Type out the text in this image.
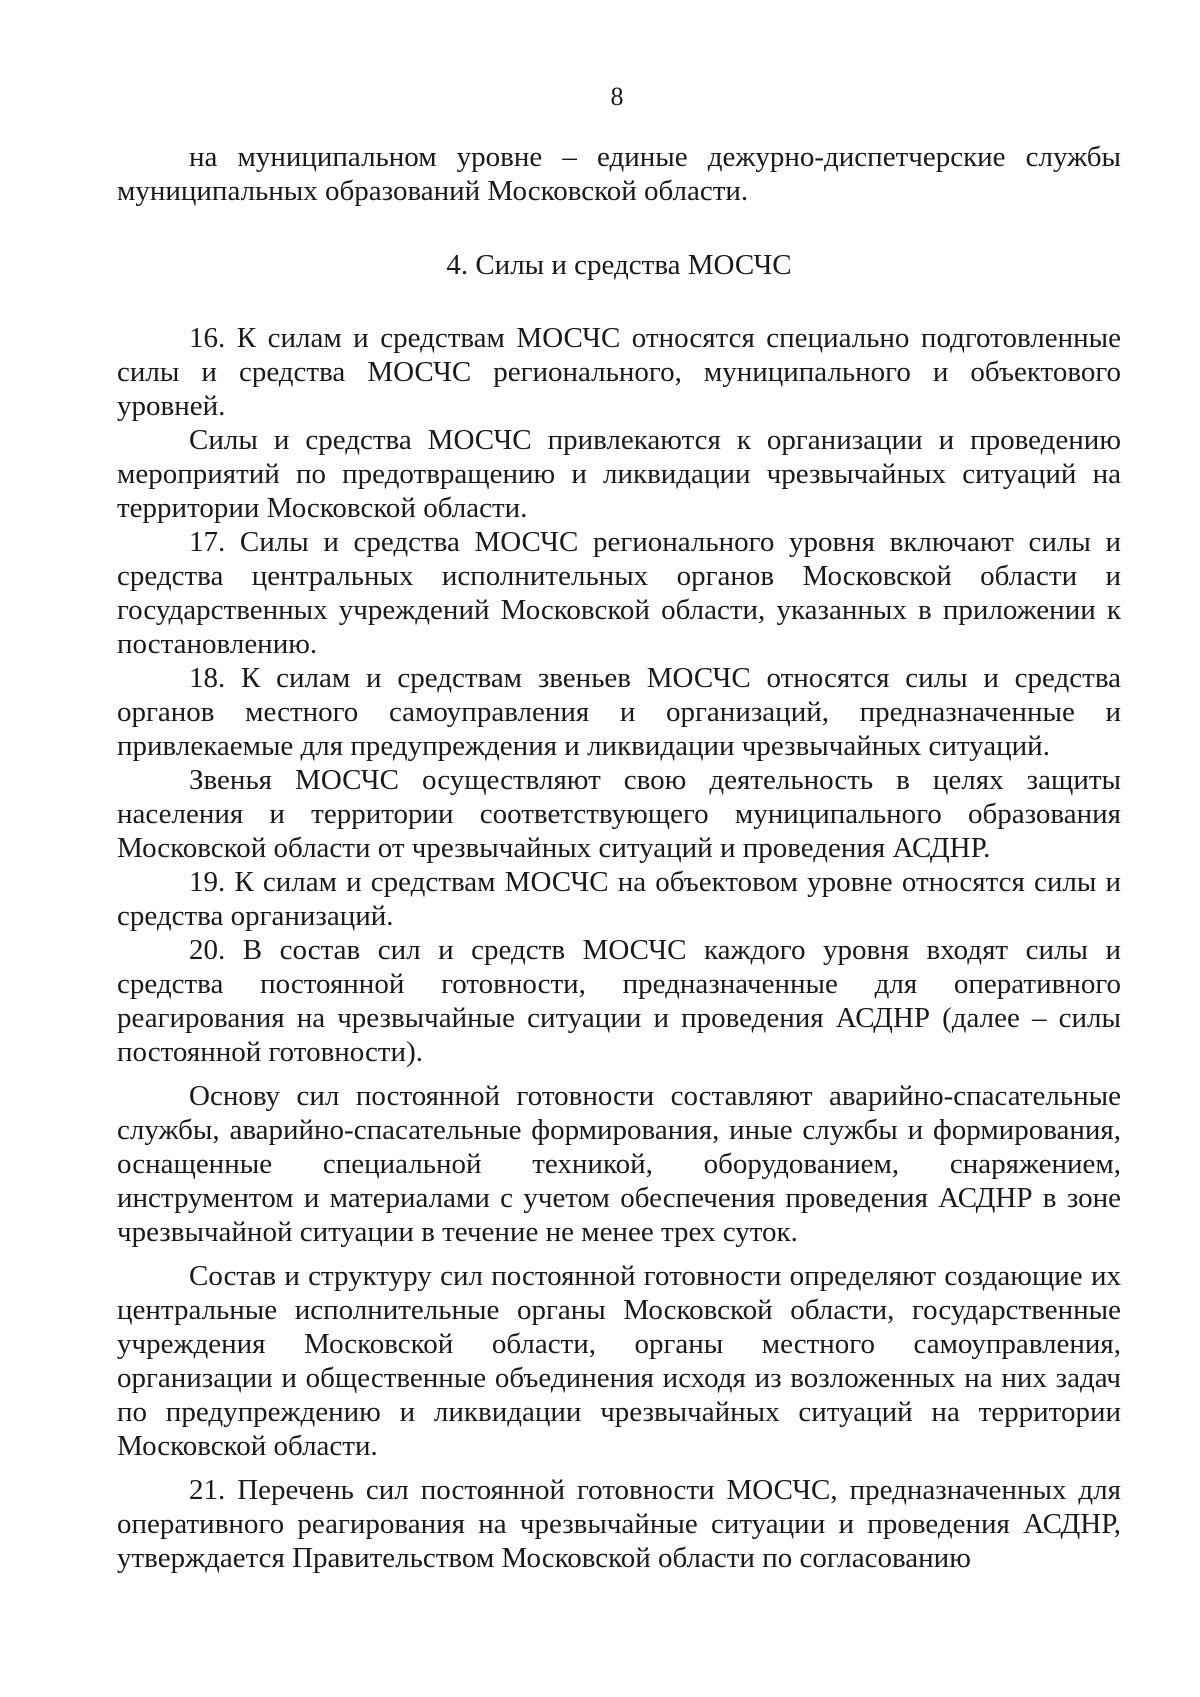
8

на муниципальном уровне – единые дежурно-диспетчерские службы муниципальных образований Московской области.

4. Силы и средства МОСЧС

16. К силам и средствам МОСЧС относятся специально подготовленные силы и средства МОСЧС регионального, муниципального и объектового уровней.

Силы и средства МОСЧС привлекаются к организации и проведению мероприятий по предотвращению и ликвидации чрезвычайных ситуаций на территории Московской области.

17. Силы и средства МОСЧС регионального уровня включают силы и средства центральных исполнительных органов Московской области и государственных учреждений Московской области, указанных в приложении к постановлению.

18. К силам и средствам звеньев МОСЧС относятся силы и средства органов местного самоуправления и организаций, предназначенные и привлекаемые для предупреждения и ликвидации чрезвычайных ситуаций.

Звенья МОСЧС осуществляют свою деятельность в целях защиты населения и территории соответствующего муниципального образования Московской области от чрезвычайных ситуаций и проведения АСДНР.

19. К силам и средствам МОСЧС на объектовом уровне относятся силы и средства организаций.

20. В состав сил и средств МОСЧС каждого уровня входят силы и средства постоянной готовности, предназначенные для оперативного реагирования на чрезвычайные ситуации и проведения АСДНР (далее – силы постоянной готовности).

Основу сил постоянной готовности составляют аварийно-спасательные службы, аварийно-спасательные формирования, иные службы и формирования, оснащенные специальной техникой, оборудованием, снаряжением, инструментом и материалами с учетом обеспечения проведения АСДНР в зоне чрезвычайной ситуации в течение не менее трех суток.

Состав и структуру сил постоянной готовности определяют создающие их центральные исполнительные органы Московской области, государственные учреждения Московской области, органы местного самоуправления, организации и общественные объединения исходя из возложенных на них задач по предупреждению и ликвидации чрезвычайных ситуаций на территории Московской области.

21. Перечень сил постоянной готовности МОСЧС, предназначенных для оперативного реагирования на чрезвычайные ситуации и проведения АСДНР, утверждается Правительством Московской области по согласованию
